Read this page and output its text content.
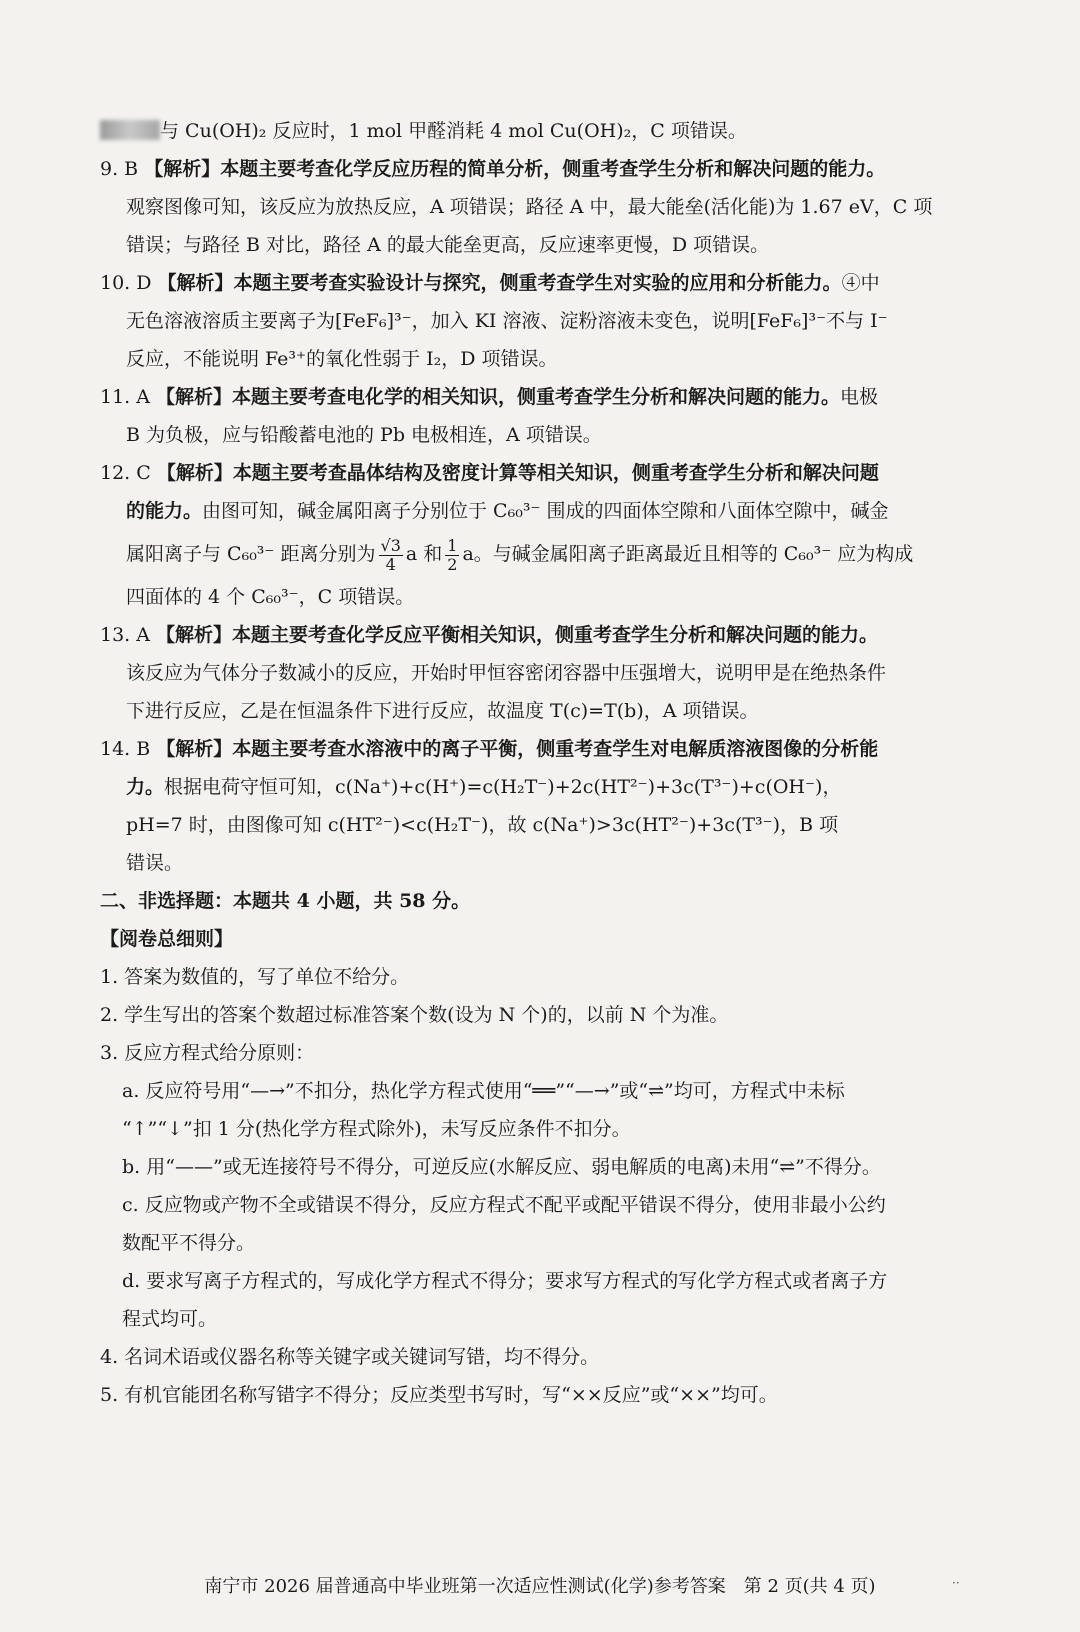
与 Cu(OH)₂ 反应时，1 mol 甲醛消耗 4 mol Cu(OH)₂，C 项错误。

9. B 【解析】本题主要考查化学反应历程的简单分析，侧重考查学生分析和解决问题的能力。

观察图像可知，该反应为放热反应，A 项错误；路径 A 中，最大能垒(活化能)为 1.67 eV，C 项

错误；与路径 B 对比，路径 A 的最大能垒更高，反应速率更慢，D 项错误。

10. D 【解析】本题主要考查实验设计与探究，侧重考查学生对实验的应用和分析能力。④中

无色溶液溶质主要离子为[FeF₆]³⁻，加入 KI 溶液、淀粉溶液未变色，说明[FeF₆]³⁻不与 I⁻

反应，不能说明 Fe³⁺的氧化性弱于 I₂，D 项错误。

11. A 【解析】本题主要考查电化学的相关知识，侧重考查学生分析和解决问题的能力。电极

B 为负极，应与铅酸蓄电池的 Pb 电极相连，A 项错误。

12. C 【解析】本题主要考查晶体结构及密度计算等相关知识，侧重考查学生分析和解决问题

的能力。由图可知，碱金属阳离子分别位于 C₆₀³⁻ 围成的四面体空隙和八面体空隙中，碱金

属阳离子与 C₆₀³⁻ 距离分别为 $\frac{√3}{4}$ a 和 $\frac{1}{2}$ a。与碱金属阳离子距离最近且相等的 C₆₀³⁻ 应为构成

四面体的 4 个 C₆₀³⁻，C 项错误。

13. A 【解析】本题主要考查化学反应平衡相关知识，侧重考查学生分析和解决问题的能力。

该反应为气体分子数减小的反应，开始时甲恒容密闭容器中压强增大，说明甲是在绝热条件

下进行反应，乙是在恒温条件下进行反应，故温度 T(c)=T(b)，A 项错误。

14. B 【解析】本题主要考查水溶液中的离子平衡，侧重考查学生对电解质溶液图像的分析能

力。根据电荷守恒可知，c(Na⁺)+c(H⁺)=c(H₂T⁻)+2c(HT²⁻)+3c(T³⁻)+c(OH⁻)，

pH=7 时，由图像可知 c(HT²⁻)<c(H₂T⁻)，故 c(Na⁺)>3c(HT²⁻)+3c(T³⁻)，B 项

错误。

二、非选择题：本题共 4 小题，共 58 分。

【阅卷总细则】

1. 答案为数值的，写了单位不给分。

2. 学生写出的答案个数超过标准答案个数(设为 N 个)的，以前 N 个为准。

3. 反应方程式给分原则：

a. 反应符号用“—→”不扣分，热化学方程式使用“══”“—→”或“⇌”均可，方程式中未标

“↑”“↓”扣 1 分(热化学方程式除外)，未写反应条件不扣分。

b. 用“——”或无连接符号不得分，可逆反应(水解反应、弱电解质的电离)未用“⇌”不得分。

c. 反应物或产物不全或错误不得分，反应方程式不配平或配平错误不得分，使用非最小公约

数配平不得分。

d. 要求写离子方程式的，写成化学方程式不得分；要求写方程式的写化学方程式或者离子方

程式均可。

4. 名词术语或仪器名称等关键字或关键词写错，均不得分。

5. 有机官能团名称写错字不得分；反应类型书写时，写“××反应”或“××”均可。

南宁市 2026 届普通高中毕业班第一次适应性测试(化学)参考答案　第 2 页(共 4 页)	··
